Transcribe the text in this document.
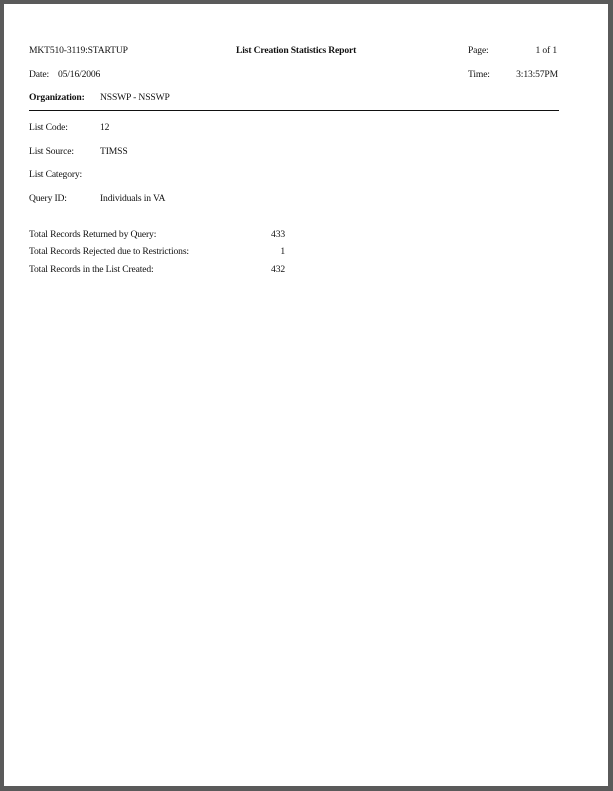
MKT510-3119:STARTUP	List Creation Statistics Report	Page:	1 of 1
Date: 05/16/2006	Time:	3:13:57PM
Organization: NSSWP - NSSWP
List Code:	12
List Source:	TIMSS
List Category:
Query ID:	Individuals in VA
Total Records Returned by Query:	433
Total Records Rejected due to Restrictions:	1
Total Records in the List Created:	432
